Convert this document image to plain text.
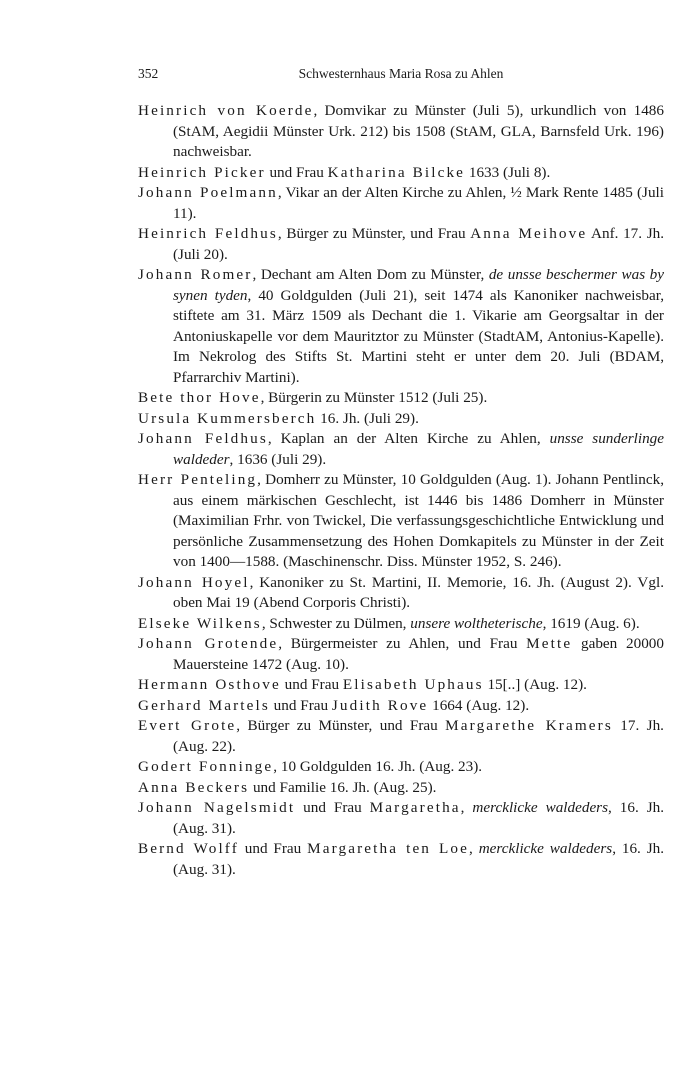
352	Schwesternhaus Maria Rosa zu Ahlen

Heinrich von Koerde, Domvikar zu Münster (Juli 5), urkundlich von 1486 (StAM, Aegidii Münster Urk. 212) bis 1508 (StAM, GLA, Barnsfeld Urk. 196) nachweisbar.

Heinrich Picker und Frau Katharina Bilcke 1633 (Juli 8).

Johann Poelmann, Vikar an der Alten Kirche zu Ahlen, ½ Mark Rente 1485 (Juli 11).

Heinrich Feldhus, Bürger zu Münster, und Frau Anna Meihove Anf. 17. Jh. (Juli 20).

Johann Romer, Dechant am Alten Dom zu Münster, de unsse beschermer was by synen tyden, 40 Goldgulden (Juli 21), seit 1474 als Kanoniker nachweisbar, stiftete am 31. März 1509 als Dechant die 1. Vikarie am Georgsaltar in der Antoniuskapelle vor dem Mauritztor zu Münster (StadtAM, Antonius-Kapelle). Im Nekrolog des Stifts St. Martini steht er unter dem 20. Juli (BDAM, Pfarrarchiv Martini).

Bete thor Hove, Bürgerin zu Münster 1512 (Juli 25).

Ursula Kummersberch 16. Jh. (Juli 29).

Johann Feldhus, Kaplan an der Alten Kirche zu Ahlen, unsse sunderlinge waldeder, 1636 (Juli 29).

Herr Penteling, Domherr zu Münster, 10 Goldgulden (Aug. 1). Johann Pentlinck, aus einem märkischen Geschlecht, ist 1446 bis 1486 Domherr in Münster (Maximilian Frhr. von Twickel, Die verfassungsgeschichtliche Entwicklung und persönliche Zusammensetzung des Hohen Domkapitels zu Münster in der Zeit von 1400—1588. (Maschinenschr. Diss. Münster 1952, S. 246).

Johann Hoyel, Kanoniker zu St. Martini, II. Memorie, 16. Jh. (August 2). Vgl. oben Mai 19 (Abend Corporis Christi).

Elseke Wilkens, Schwester zu Dülmen, unsere woltheterische, 1619 (Aug. 6).

Johann Grotende, Bürgermeister zu Ahlen, und Frau Mette gaben 20000 Mauersteine 1472 (Aug. 10).

Hermann Osthove und Frau Elisabeth Uphaus 15[..] (Aug. 12).

Gerhard Martels und Frau Judith Rove 1664 (Aug. 12).

Evert Grote, Bürger zu Münster, und Frau Margarethe Kramers 17. Jh. (Aug. 22).

Godert Fonninge, 10 Goldgulden 16. Jh. (Aug. 23).

Anna Beckers und Familie 16. Jh. (Aug. 25).

Johann Nagelsmidt und Frau Margaretha, mercklicke waldeders, 16. Jh. (Aug. 31).

Bernd Wolff und Frau Margaretha ten Loe, mercklicke waldeders, 16. Jh. (Aug. 31).
